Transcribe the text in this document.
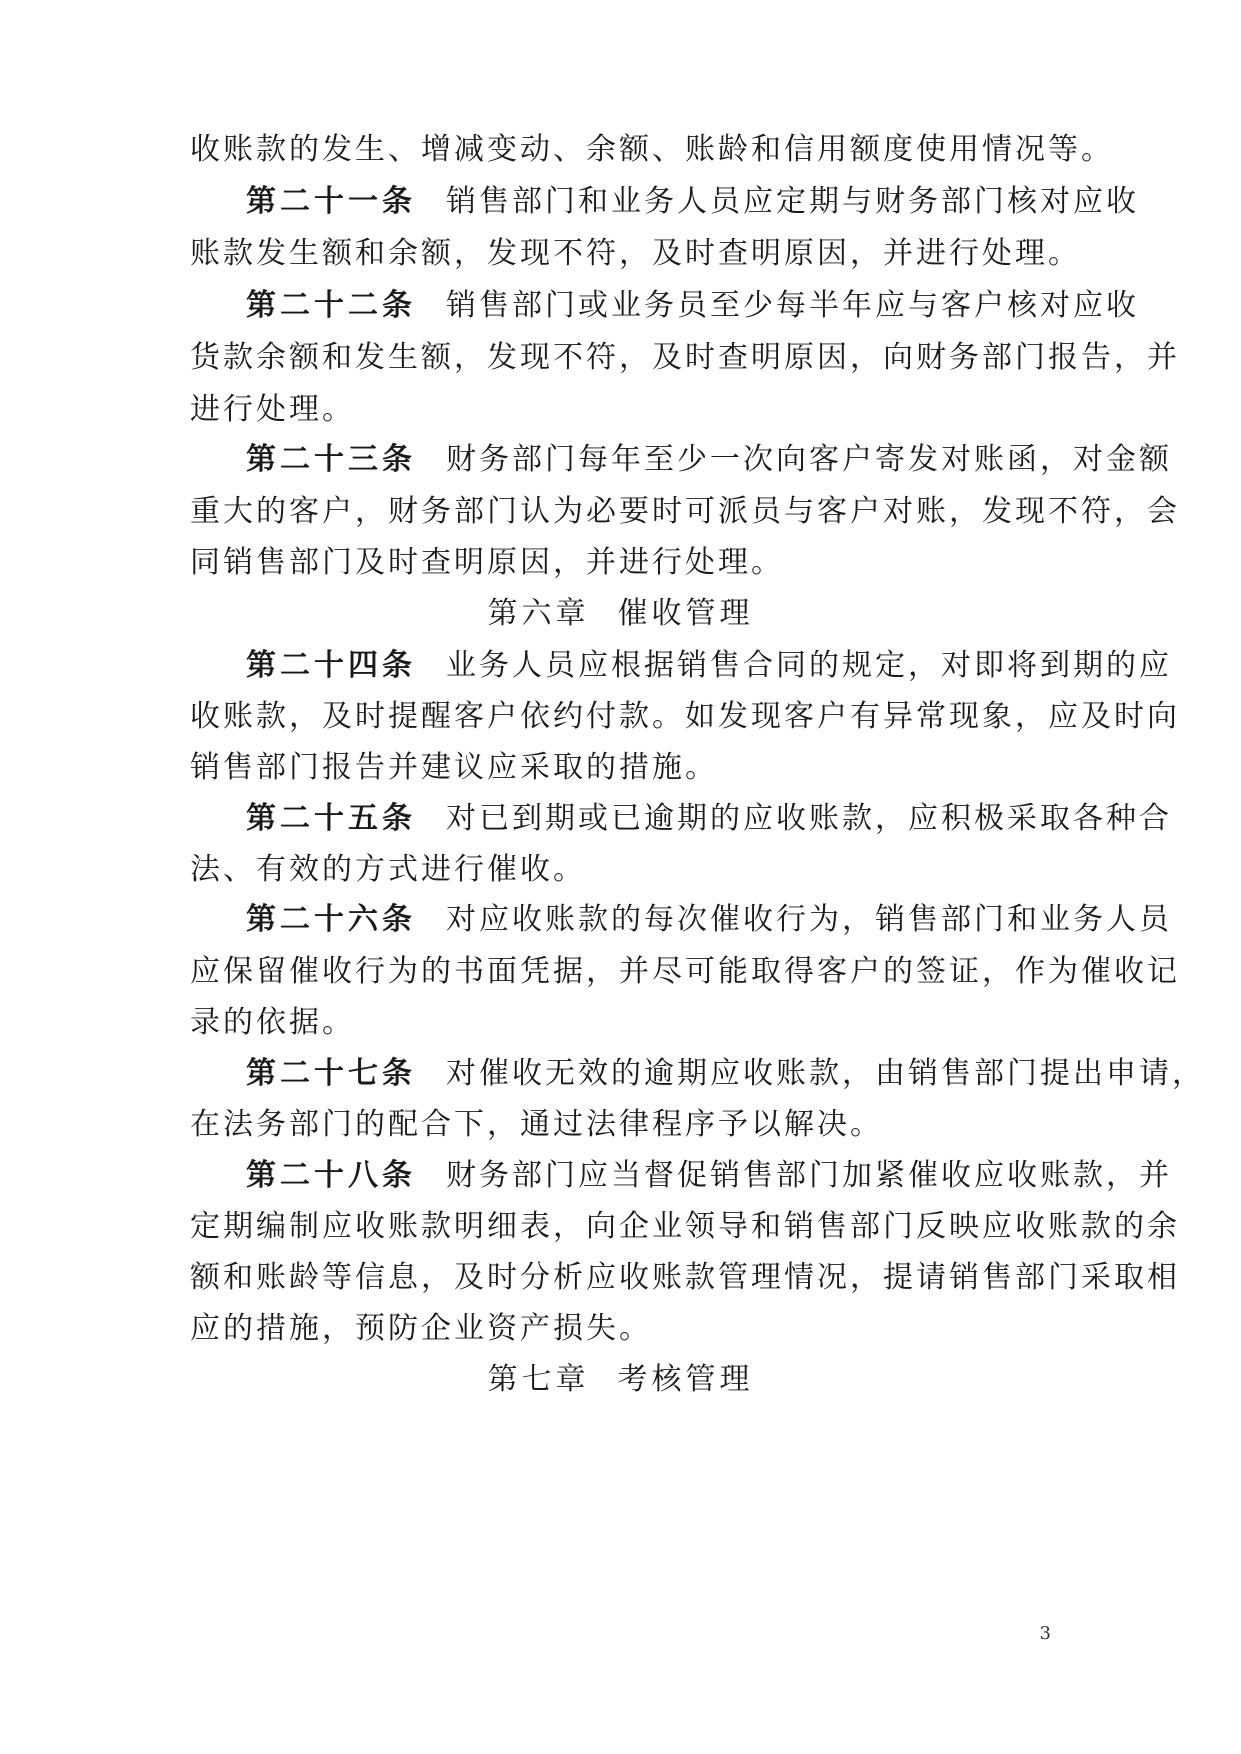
收账款的发生、增减变动、余额、账龄和信用额度使用情况等。
第二十一条 销售部门和业务人员应定期与财务部门核对应收
账款发生额和余额，发现不符，及时查明原因，并进行处理。
第二十二条 销售部门或业务员至少每半年应与客户核对应收
货款余额和发生额，发现不符，及时查明原因，向财务部门报告，并
进行处理。
第二十三条 财务部门每年至少一次向客户寄发对账函，对金额
重大的客户，财务部门认为必要时可派员与客户对账，发现不符，会
同销售部门及时查明原因，并进行处理。
第六章 催收管理
第二十四条 业务人员应根据销售合同的规定，对即将到期的应
收账款，及时提醒客户依约付款。如发现客户有异常现象，应及时向
销售部门报告并建议应采取的措施。
第二十五条 对已到期或已逾期的应收账款，应积极采取各种合
法、有效的方式进行催收。
第二十六条 对应收账款的每次催收行为，销售部门和业务人员
应保留催收行为的书面凭据，并尽可能取得客户的签证，作为催收记
录的依据。
第二十七条 对催收无效的逾期应收账款，由销售部门提出申请，
在法务部门的配合下，通过法律程序予以解决。
第二十八条 财务部门应当督促销售部门加紧催收应收账款，并
定期编制应收账款明细表，向企业领导和销售部门反映应收账款的余
额和账龄等信息，及时分析应收账款管理情况，提请销售部门采取相
应的措施，预防企业资产损失。
第七章 考核管理
3
